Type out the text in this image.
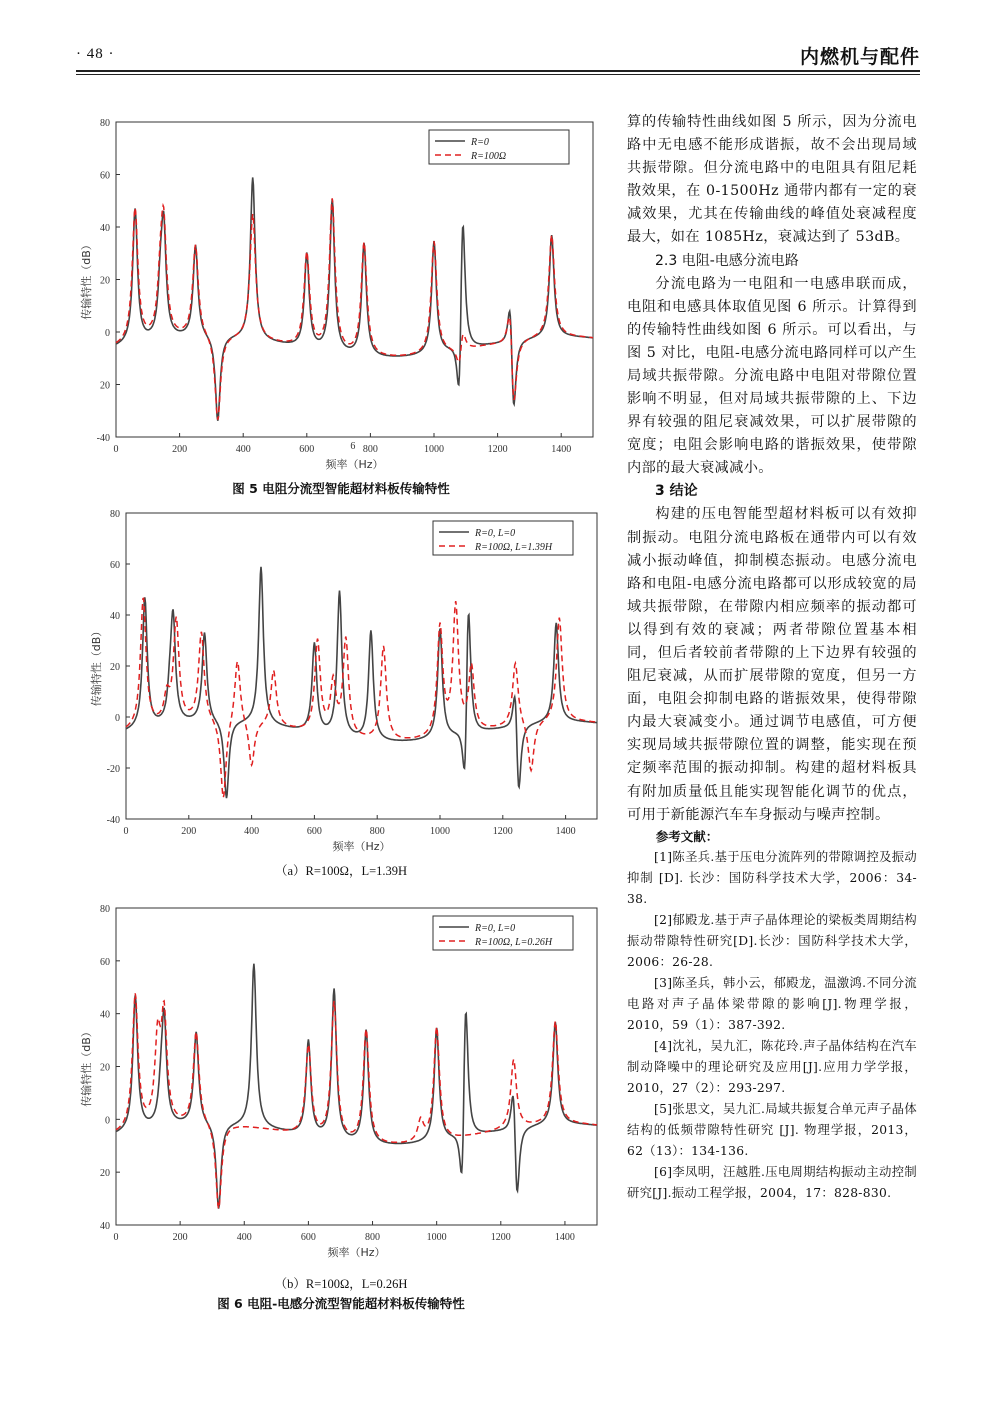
· 48 ·	内燃机与配件
0	200	400	600	800	1000	1200	1400
80
60
40
20
0
20
-40
频率（Hz）
传输特性（dB）
6
R=0
R=100Ω
图 5 电阻分流型智能超材料板传输特性
0	200	400	600	800	1000	1200	1400
80
60
40
20
0
-20
-40
频率（Hz）
传输特性（dB）
R=0, L=0
R=100Ω, L=1.39H
（a）R=100Ω，L=1.39H
0	200	400	600	800	1000	1200	1400
80
60
40
20
0
20
40
频率（Hz）
传输特性（dB）
R=0, L=0
R=100Ω, L=0.26H
（b）R=100Ω，L=0.26H
图 6 电阻-电感分流型智能超材料板传输特性

算的传输特性曲线如图 5 所示，因为分流电路中无电感不能形成谐振，故不会出现局域共振带隙。但分流电路中的电阻具有阻尼耗散效果，在 0-1500Hz 通带内都有一定的衰减效果，尤其在传输曲线的峰值处衰减程度最大，如在 1085Hz，衰减达到了 53dB。

2.3 电阻-电感分流电路

分流电路为一电阻和一电感串联而成，电阻和电感具体取值见图 6 所示。计算得到的传输特性曲线如图 6 所示。可以看出，与图 5 对比，电阻-电感分流电路同样可以产生局域共振带隙。分流电路中电阻对带隙位置影响不明显，但对局域共振带隙的上、下边界有较强的阻尼衰减效果，可以扩展带隙的宽度；电阻会影响电路的谐振效果，使带隙内部的最大衰减减小。

3 结论

构建的压电智能型超材料板可以有效抑制振动。电阻分流电路板在通带内可以有效减小振动峰值，抑制模态振动。电感分流电路和电阻-电感分流电路都可以形成较宽的局域共振带隙，在带隙内相应频率的振动都可以得到有效的衰减；两者带隙位置基本相同，但后者较前者带隙的上下边界有较强的阻尼衰减，从而扩展带隙的宽度，但另一方面，电阻会抑制电路的谐振效果，使得带隙内最大衰减变小。通过调节电感值，可方便实现局域共振带隙位置的调整，能实现在预定频率范围的振动抑制。构建的超材料板具有附加质量低且能实现智能化调节的优点，可用于新能源汽车车身振动与噪声控制。

参考文献：

[1]陈圣兵.基于压电分流阵列的带隙调控及振动抑制 [D]. 长沙：国防科学技术大学，2006：34-38.

[2]郁殿龙.基于声子晶体理论的梁板类周期结构振动带隙特性研究[D].长沙：国防科学技术大学，2006：26-28.

[3]陈圣兵，韩小云，郁殿龙，温激鸿.不同分流电路对声子晶体梁带隙的影响[J].物理学报，2010，59（1）：387-392.

[4]沈礼，吴九汇，陈花玲.声子晶体结构在汽车制动降噪中的理论研究及应用[J].应用力学学报，2010，27（2）：293-297.

[5]张思文，吴九汇.局域共振复合单元声子晶体结构的低频带隙特性研究 [J]. 物理学报，2013，62（13）：134-136.

[6]李凤明，汪越胜.压电周期结构振动主动控制研究[J].振动工程学报，2004，17：828-830.
